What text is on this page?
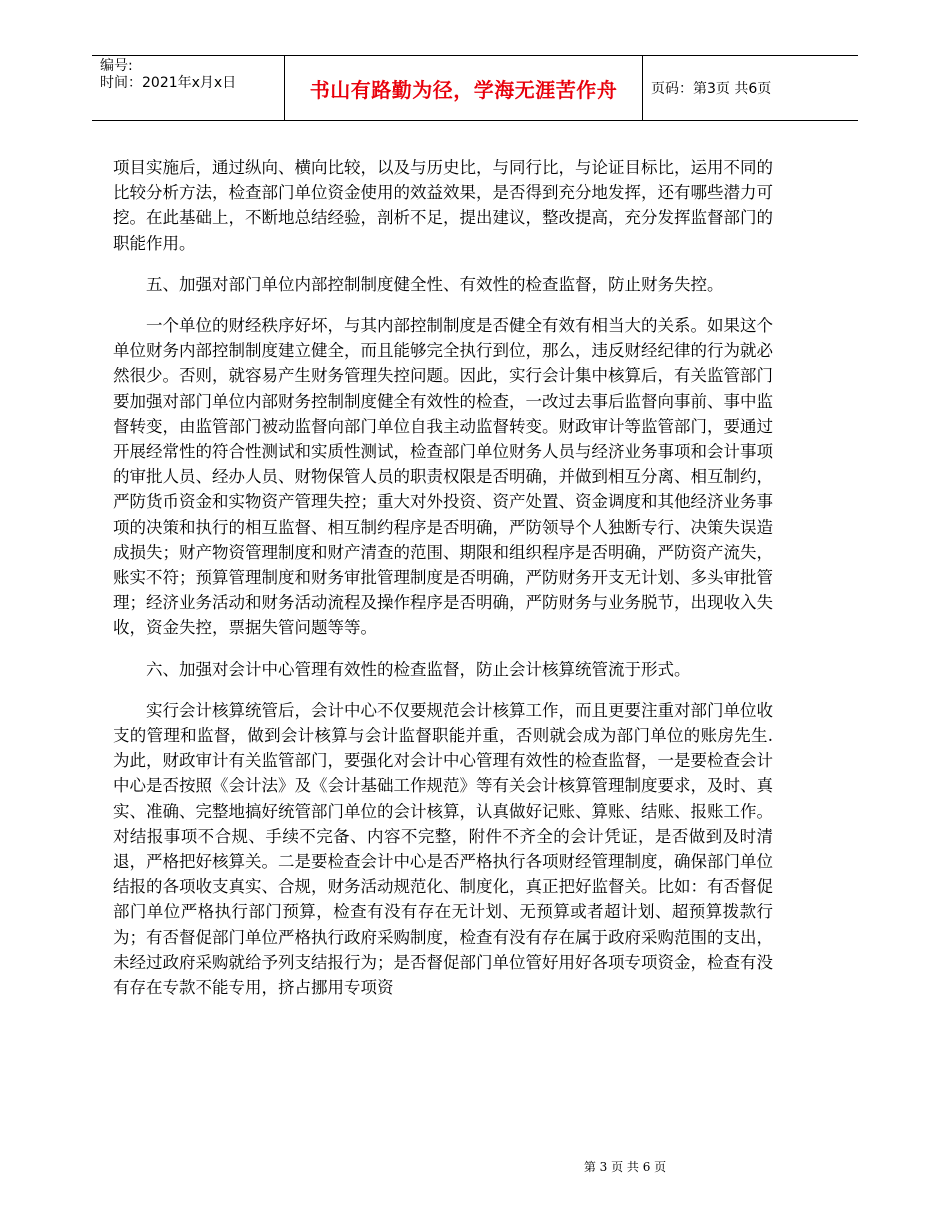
编号:
时间：2021年x月x日	书山有路勤为径，学海无涯苦作舟	页码：第3页 共6页

项目实施后，通过纵向、横向比较，以及与历史比，与同行比，与论证目标比，运用不同的比较分析方法，检查部门单位资金使用的效益效果，是否得到充分地发挥，还有哪些潜力可挖。在此基础上，不断地总结经验，剖析不足，提出建议，整改提高，充分发挥监督部门的职能作用。

五、加强对部门单位内部控制制度健全性、有效性的检查监督，防止财务失控。

一个单位的财经秩序好坏，与其内部控制制度是否健全有效有相当大的关系。如果这个单位财务内部控制制度建立健全，而且能够完全执行到位，那么，违反财经纪律的行为就必然很少。否则，就容易产生财务管理失控问题。因此，实行会计集中核算后，有关监管部门要加强对部门单位内部财务控制制度健全有效性的检查，一改过去事后监督向事前、事中监督转变，由监管部门被动监督向部门单位自我主动监督转变。财政审计等监管部门，要通过开展经常性的符合性测试和实质性测试，检查部门单位财务人员与经济业务事项和会计事项的审批人员、经办人员、财物保管人员的职责权限是否明确，并做到相互分离、相互制约，严防货币资金和实物资产管理失控；重大对外投资、资产处置、资金调度和其他经济业务事项的决策和执行的相互监督、相互制约程序是否明确，严防领导个人独断专行、决策失误造成损失；财产物资管理制度和财产清查的范围、期限和组织程序是否明确，严防资产流失，账实不符；预算管理制度和财务审批管理制度是否明确，严防财务开支无计划、多头审批管理；经济业务活动和财务活动流程及操作程序是否明确，严防财务与业务脱节，出现收入失收，资金失控，票据失管问题等等。

六、加强对会计中心管理有效性的检查监督，防止会计核算统管流于形式。

实行会计核算统管后，会计中心不仅要规范会计核算工作，而且更要注重对部门单位收支的管理和监督，做到会计核算与会计监督职能并重，否则就会成为部门单位的账房先生.为此，财政审计有关监管部门，要强化对会计中心管理有效性的检查监督，一是要检查会计中心是否按照《会计法》及《会计基础工作规范》等有关会计核算管理制度要求，及时、真实、准确、完整地搞好统管部门单位的会计核算，认真做好记账、算账、结账、报账工作。对结报事项不合规、手续不完备、内容不完整，附件不齐全的会计凭证，是否做到及时清退，严格把好核算关。二是要检查会计中心是否严格执行各项财经管理制度，确保部门单位结报的各项收支真实、合规，财务活动规范化、制度化，真正把好监督关。比如：有否督促部门单位严格执行部门预算，检查有没有存在无计划、无预算或者超计划、超预算拨款行为；有否督促部门单位严格执行政府采购制度，检查有没有存在属于政府采购范围的支出，未经过政府采购就给予列支结报行为；是否督促部门单位管好用好各项专项资金，检查有没有存在专款不能专用，挤占挪用专项资

第 3 页 共 6 页
